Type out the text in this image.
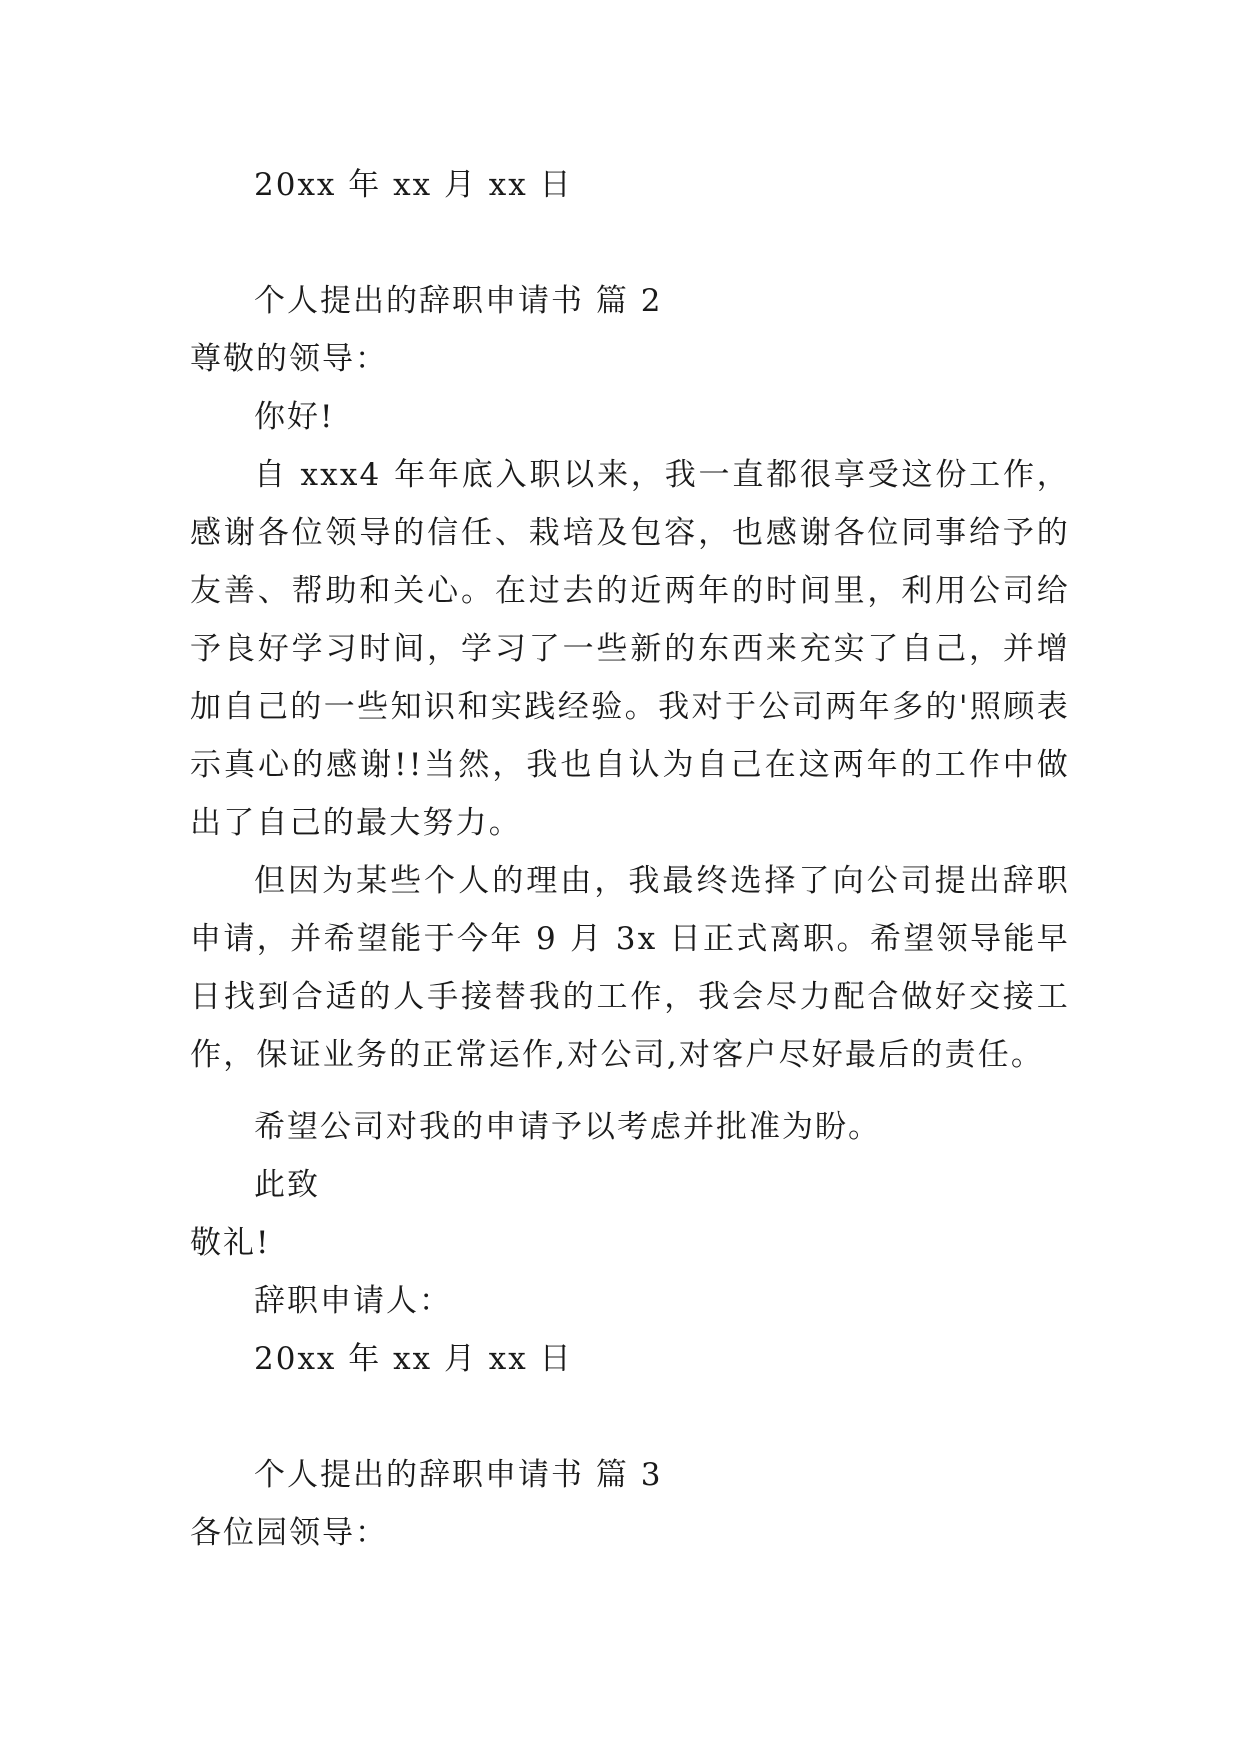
20xx 年 xx 月 xx 日
个人提出的辞职申请书 篇 2
尊敬的领导：
你好!

自 xxx4 年年底入职以来，我一直都很享受这份工作，感谢各位领导的信任、栽培及包容，也感谢各位同事给予的友善、帮助和关心。在过去的近两年的时间里，利用公司给予良好学习时间，学习了一些新的东西来充实了自己，并增加自己的一些知识和实践经验。我对于公司两年多的'照顾表示真心的感谢!!当然，我也自认为自己在这两年的工作中做出了自己的最大努力。

但因为某些个人的理由，我最终选择了向公司提出辞职申请，并希望能于今年 9 月 3x 日正式离职。希望领导能早日找到合适的人手接替我的工作，我会尽力配合做好交接工作，保证业务的正常运作,对公司,对客户尽好最后的责任。

希望公司对我的申请予以考虑并批准为盼。
此致
敬礼!
辞职申请人：
20xx 年 xx 月 xx 日
个人提出的辞职申请书 篇 3
各位园领导：
